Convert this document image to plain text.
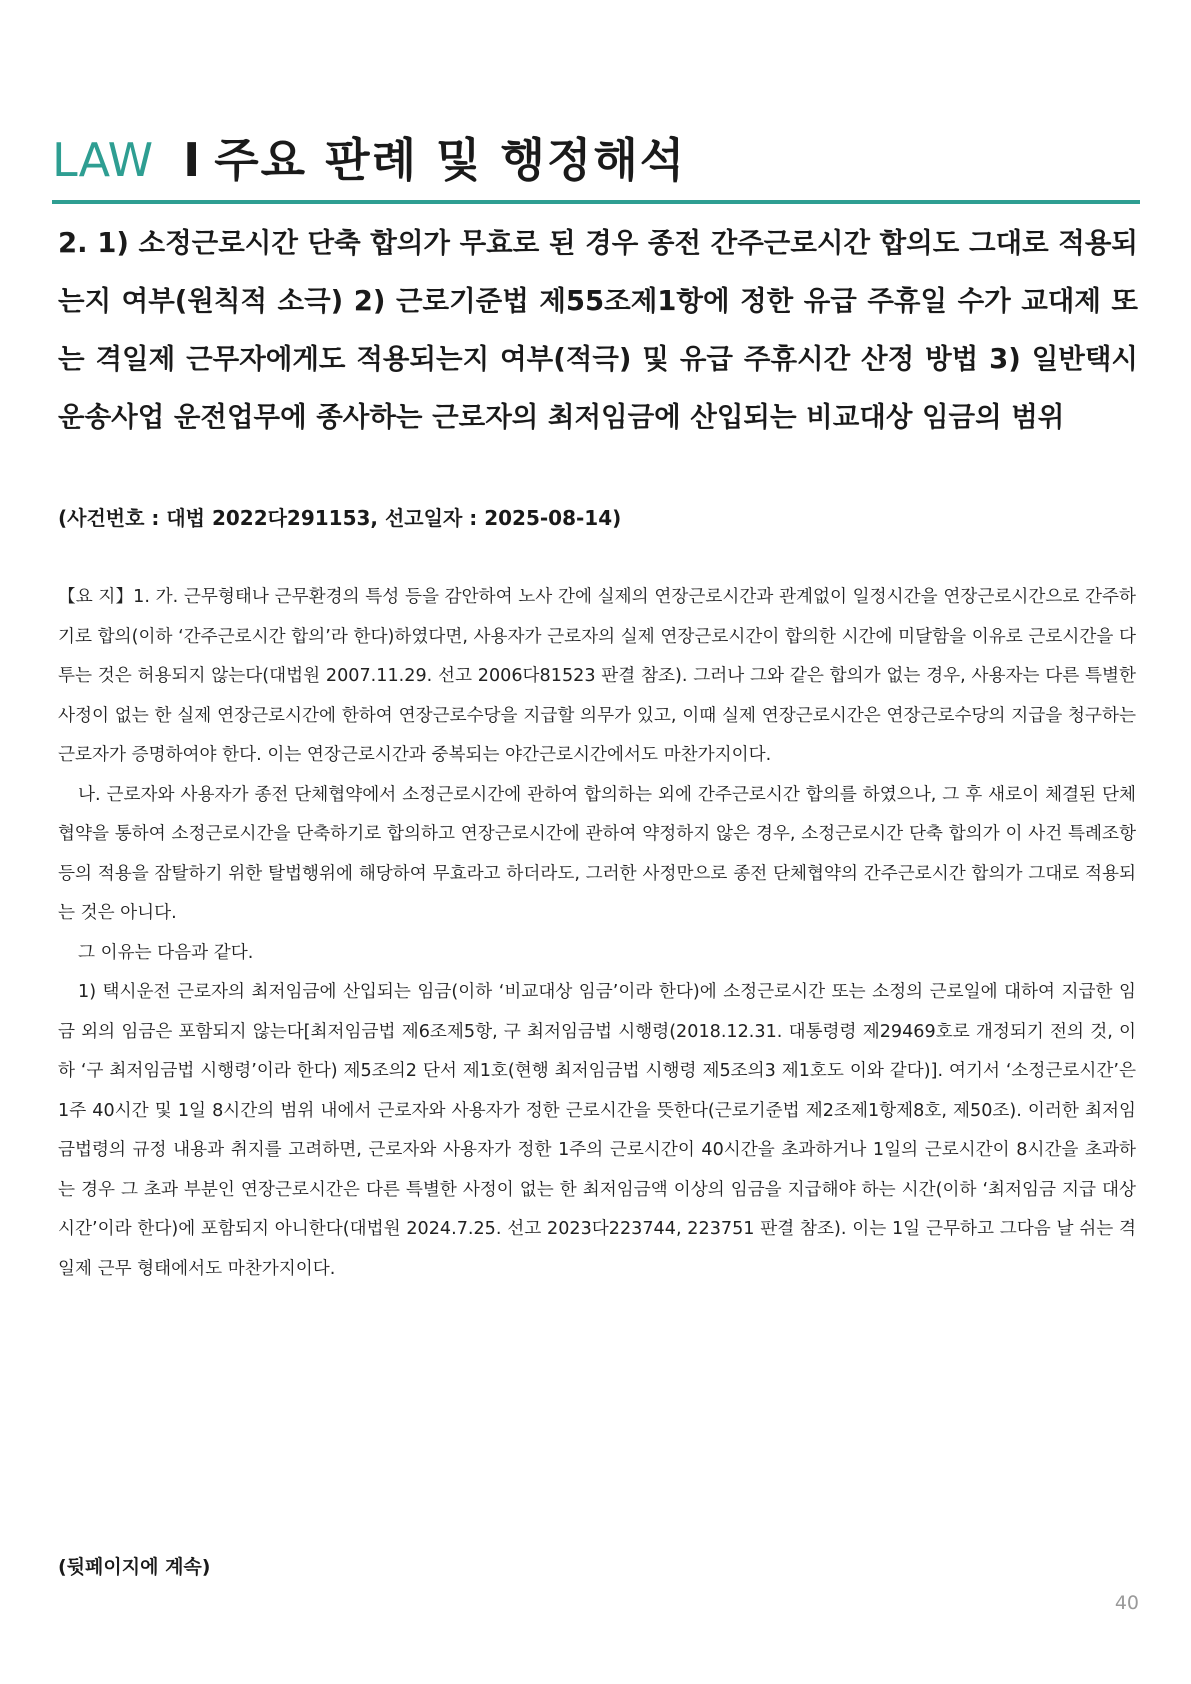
LAW I 주요 판례 및 행정해석
2. 1) 소정근로시간 단축 합의가 무효로 된 경우 종전 간주근로시간 합의도 그대로 적용되는지 여부(원칙적 소극) 2) 근로기준법 제55조제1항에 정한 유급 주휴일 수가 교대제 또는 격일제 근무자에게도 적용되는지 여부(적극) 및 유급 주휴시간 산정 방법 3) 일반택시운송사업 운전업무에 종사하는 근로자의 최저임금에 산입되는 비교대상 임금의 범위
(사건번호 : 대법 2022다291153, 선고일자 : 2025-08-14)

【요 지】1. 가. 근무형태나 근무환경의 특성 등을 감안하여 노사 간에 실제의 연장근로시간과 관계없이 일정시간을 연장근로시간으로 간주하기로 합의(이하 ‘간주근로시간 합의’라 한다)하였다면, 사용자가 근로자의 실제 연장근로시간이 합의한 시간에 미달함을 이유로 근로시간을 다투는 것은 허용되지 않는다(대법원 2007.11.29. 선고 2006다81523 판결 참조). 그러나 그와 같은 합의가 없는 경우, 사용자는 다른 특별한 사정이 없는 한 실제 연장근로시간에 한하여 연장근로수당을 지급할 의무가 있고, 이때 실제 연장근로시간은 연장근로수당의 지급을 청구하는 근로자가 증명하여야 한다. 이는 연장근로시간과 중복되는 야간근로시간에서도 마찬가지이다.

나. 근로자와 사용자가 종전 단체협약에서 소정근로시간에 관하여 합의하는 외에 간주근로시간 합의를 하였으나, 그 후 새로이 체결된 단체협약을 통하여 소정근로시간을 단축하기로 합의하고 연장근로시간에 관하여 약정하지 않은 경우, 소정근로시간 단축 합의가 이 사건 특례조항 등의 적용을 잠탈하기 위한 탈법행위에 해당하여 무효라고 하더라도, 그러한 사정만으로 종전 단체협약의 간주근로시간 합의가 그대로 적용되는 것은 아니다.

그 이유는 다음과 같다.

1) 택시운전 근로자의 최저임금에 산입되는 임금(이하 ‘비교대상 임금’이라 한다)에 소정근로시간 또는 소정의 근로일에 대하여 지급한 임금 외의 임금은 포함되지 않는다[최저임금법 제6조제5항, 구 최저임금법 시행령(2018.12.31. 대통령령 제29469호로 개정되기 전의 것, 이하 ‘구 최저임금법 시행령’이라 한다) 제5조의2 단서 제1호(현행 최저임금법 시행령 제5조의3 제1호도 이와 같다)]. 여기서 ‘소정근로시간’은 1주 40시간 및 1일 8시간의 범위 내에서 근로자와 사용자가 정한 근로시간을 뜻한다(근로기준법 제2조제1항제8호, 제50조). 이러한 최저임금법령의 규정 내용과 취지를 고려하면, 근로자와 사용자가 정한 1주의 근로시간이 40시간을 초과하거나 1일의 근로시간이 8시간을 초과하는 경우 그 초과 부분인 연장근로시간은 다른 특별한 사정이 없는 한 최저임금액 이상의 임금을 지급해야 하는 시간(이하 ‘최저임금 지급 대상 시간’이라 한다)에 포함되지 아니한다(대법원 2024.7.25. 선고 2023다223744, 223751 판결 참조). 이는 1일 근무하고 그다음 날 쉬는 격일제 근무 형태에서도 마찬가지이다.

(뒷페이지에 계속)
40
